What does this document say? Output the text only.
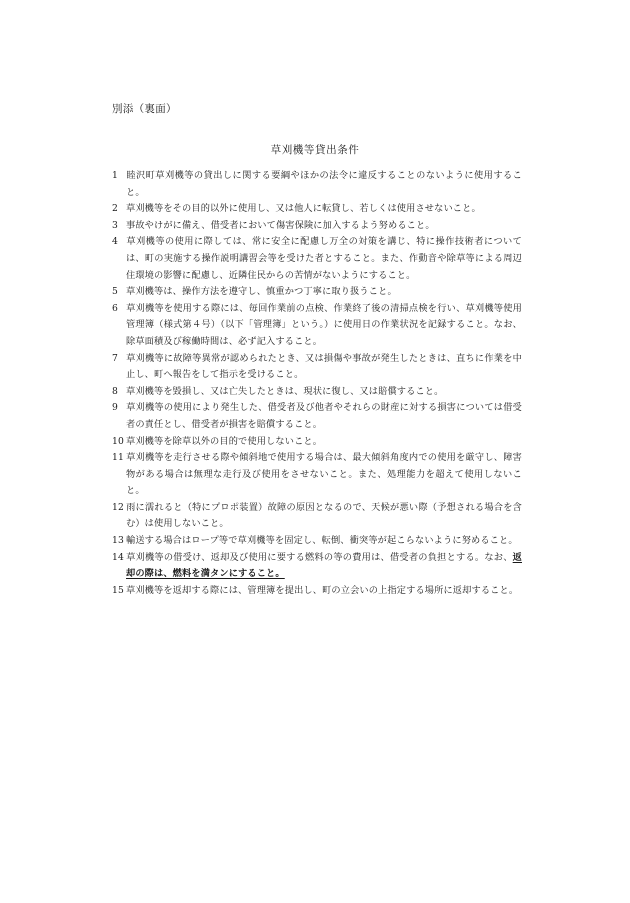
別添（裏面）
草刈機等貸出条件
1 睦沢町草刈機等の貸出しに関する要綱やほかの法令に違反することのないように使用すること。
2 草刈機等をその目的以外に使用し、又は他人に転貸し、若しくは使用させないこと。
3 事故やけがに備え、借受者において傷害保険に加入するよう努めること。
4 草刈機等の使用に際しては、常に安全に配慮し万全の対策を講じ、特に操作技術者については、町の実施する操作説明講習会等を受けた者とすること。また、作動音や除草等による周辺住環境の影響に配慮し、近隣住民からの苦情がないようにすること。
5 草刈機等は、操作方法を遵守し、慎重かつ丁寧に取り扱うこと。
6 草刈機等を使用する際には、毎回作業前の点検、作業終了後の清掃点検を行い、草刈機等使用管理簿（様式第４号）（以下「管理簿」という。）に使用日の作業状況を記録すること。なお、除草面積及び稼働時間は、必ず記入すること。
7 草刈機等に故障等異常が認められたとき、又は損傷や事故が発生したときは、直ちに作業を中止し、町へ報告をして指示を受けること。
8 草刈機等を毀損し、又は亡失したときは、現状に復し、又は賠償すること。
9 草刈機等の使用により発生した、借受者及び他者やそれらの財産に対する損害については借受者の責任とし、借受者が損害を賠償すること。
10 草刈機等を除草以外の目的で使用しないこと。
11 草刈機等を走行させる際や傾斜地で使用する場合は、最大傾斜角度内での使用を厳守し、障害物がある場合は無理な走行及び使用をさせないこと。また、処理能力を超えて使用しないこと。
12 雨に濡れると（特にプロポ装置）故障の原因となるので、天候が悪い際（予想される場合を含む）は使用しないこと。
13 輸送する場合はロープ等で草刈機等を固定し、転倒、衝突等が起こらないように努めること。
14 草刈機等の借受け、返却及び使用に要する燃料の等の費用は、借受者の負担とする。なお、返却の際は、燃料を満タンにすること。
15 草刈機等を返却する際には、管理簿を提出し、町の立会いの上指定する場所に返却すること。
